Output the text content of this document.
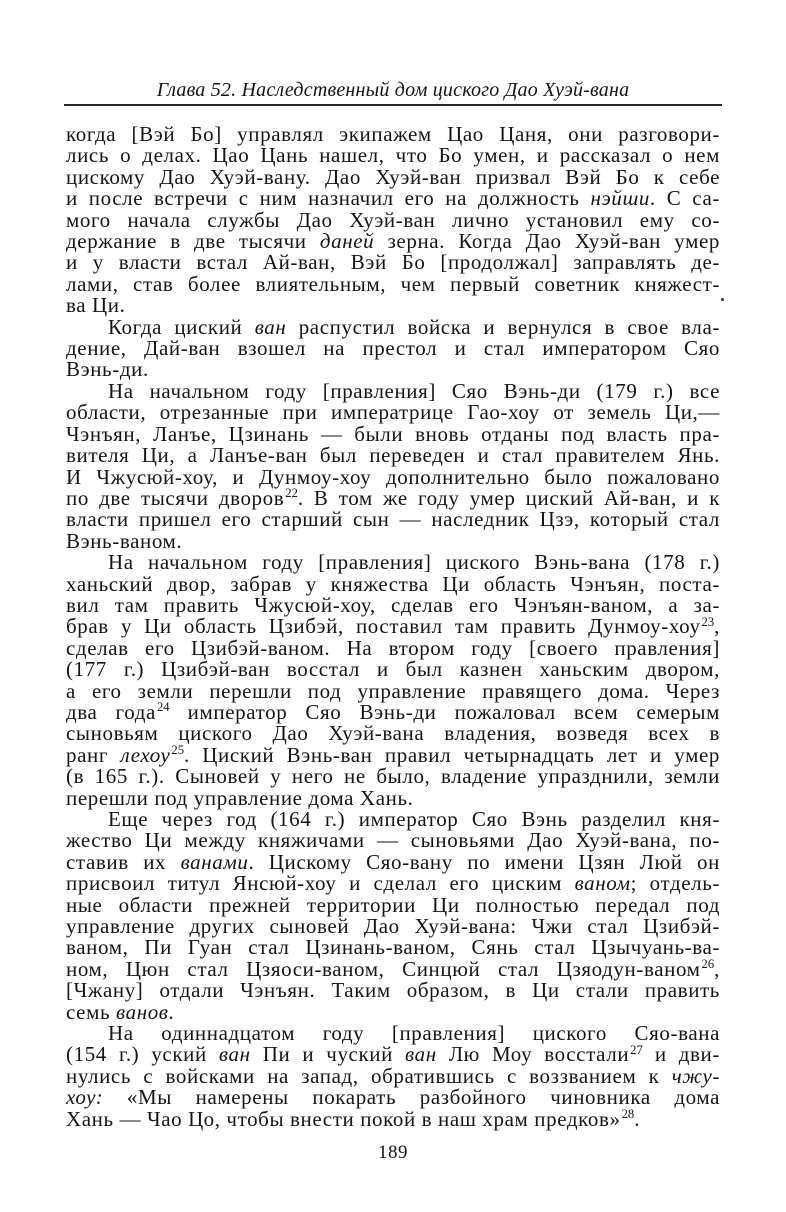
Глава 52. Наследственный дом циского Дао Хуэй-вана
когда [Вэй Бо] управлял экипажем Цао Цаня, они разговори-
лись о делах. Цао Цань нашел, что Бо умен, и рассказал о нем
цискому Дао Хуэй-вану. Дао Хуэй-ван призвал Вэй Бо к себе
и после встречи с ним назначил его на должность нэйши. С са-
мого начала службы Дао Хуэй-ван лично установил ему со-
держание в две тысячи даней зерна. Когда Дао Хуэй-ван умер
и у власти встал Ай-ван, Вэй Бо [продолжал] заправлять де-
лами, став более влиятельным, чем первый советник княжест-
ва Ци.
Когда циский ван распустил войска и вернулся в свое вла-
дение, Дай-ван взошел на престол и стал императором Сяо
Вэнь-ди.
На начальном году [правления] Сяо Вэнь-ди (179 г.) все
области, отрезанные при императрице Гао-хоу от земель Ци,—
Чэнъян, Ланъе, Цзинань — были вновь отданы под власть пра-
вителя Ци, а Ланъе-ван был переведен и стал правителем Янь.
И Чжусюй-хоу, и Дунмоу-хоу дополнительно было пожаловано
по две тысячи дворов$^{22}$. В том же году умер циский Ай-ван, и к
власти пришел его старший сын — наследник Цзэ, который стал
Вэнь-ваном.
На начальном году [правления] циского Вэнь-вана (178 г.)
ханьский двор, забрав у княжества Ци область Чэнъян, поста-
вил там править Чжусюй-хоу, сделав его Чэнъян-ваном, а за-
брав у Ци область Цзибэй, поставил там править Дунмоу-хоу$^{23}$,
сделав его Цзибэй-ваном. На втором году [своего правления]
(177 г.) Цзибэй-ван восстал и был казнен ханьским двором,
а его земли перешли под управление правящего дома. Через
два года$^{24}$ император Сяо Вэнь-ди пожаловал всем семерым
сыновьям циского Дао Хуэй-вана владения, возведя всех в
ранг лехоу$^{25}$. Циский Вэнь-ван правил четырнадцать лет и умер
(в 165 г.). Сыновей у него не было, владение упразднили, земли
перешли под управление дома Хань.
Еще через год (164 г.) император Сяо Вэнь разделил кня-
жество Ци между княжичами — сыновьями Дао Хуэй-вана, по-
ставив их ванами. Цискому Сяо-вану по имени Цзян Люй он
присвоил титул Янсюй-хоу и сделал его циским ваном; отдель-
ные области прежней территории Ци полностью передал под
управление других сыновей Дао Хуэй-вана: Чжи стал Цзибэй-
ваном, Пи Гуан стал Цзинань-ваном, Сянь стал Цзычуань-ва-
ном, Цюн стал Цзяоси-ваном, Синцюй стал Цзяодун-ваном$^{26}$,
[Чжану] отдали Чэнъян. Таким образом, в Ци стали править
семь ванов.
На одиннадцатом году [правления] циского Сяо-вана
(154 г.) уский ван Пи и чуский ван Лю Моу восстали$^{27}$ и дви-
нулись с войсками на запад, обратившись с воззванием к чжу-
хоу: «Мы намерены покарать разбойного чиновника дома
Хань — Чао Цо, чтобы внести покой в наш храм предков»$^{28}$.
189
